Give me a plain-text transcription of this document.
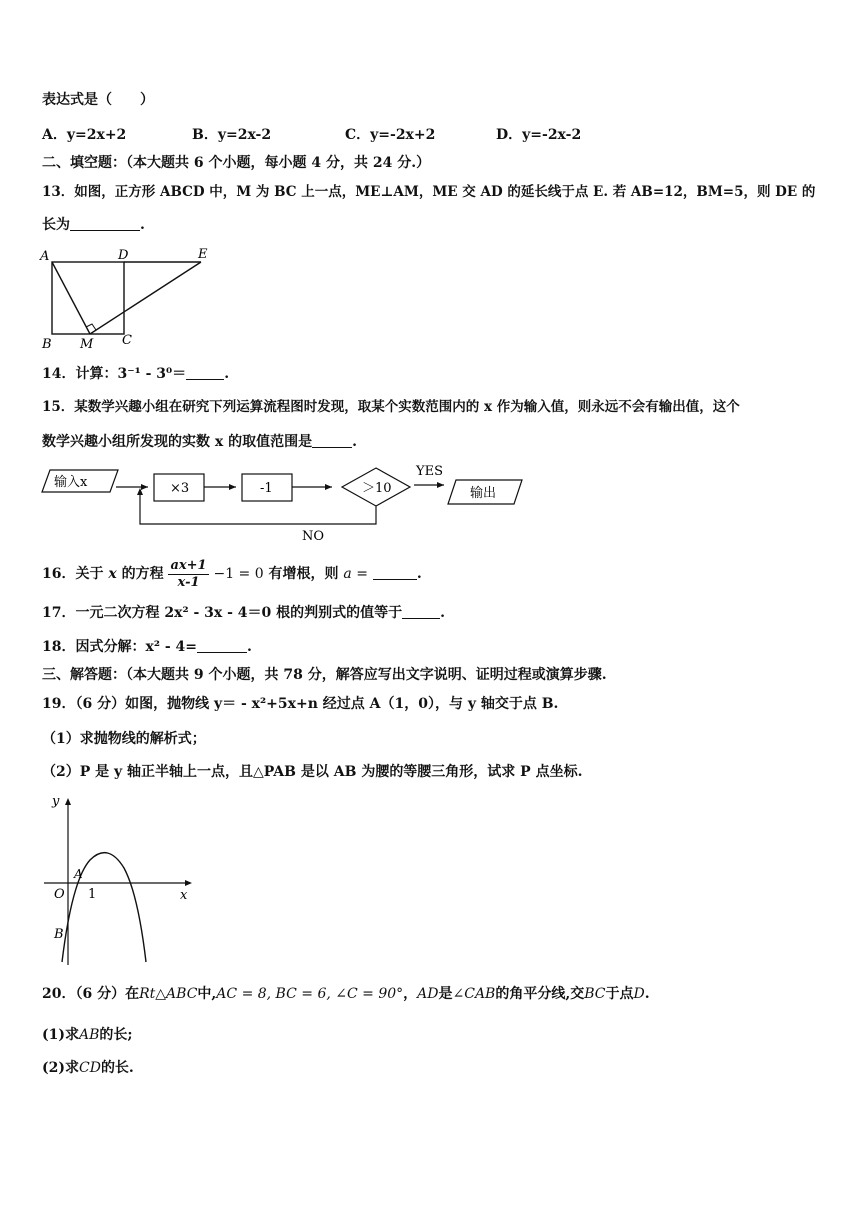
表达式是（　　）
A．y=2x+2	B．y=2x-2	C．y=-2x+2	D．y=-2x-2
二、填空题：（本大题共 6 个小题，每小题 4 分，共 24 分.）
13．如图，正方形 ABCD 中，M 为 BC 上一点，ME⊥AM，ME 交 AD 的延长线于点 E. 若 AB=12，BM=5，则 DE 的
长为	.
A	D	E
B M C
14．计算：3⁻¹ - 3⁰＝	.
15．某数学兴趣小组在研究下列运算流程图时发现，取某个实数范围内的 x 作为输入值，则永远不会有输出值，这个
数学兴趣小组所发现的实数 x 的取值范围是	.
输入x	×3	-1	＞10
YES
输出
NO
16．关于 x 的方程 $\frac{ax+1}{x-1} -1 = 0$ 有增根，则 a =	.
17．一元二次方程 2x² - 3x - 4＝0 根的判别式的值等于	.
18．因式分解：x² - 4=	.
三、解答题：（本大题共 9 个小题，共 78 分，解答应写出文字说明、证明过程或演算步骤.
19．（6 分）如图，抛物线 y＝ - x²+5x+n 经过点 A（1，0），与 y 轴交于点 B.
（1）求抛物线的解析式；
（2）P 是 y 轴正半轴上一点，且△PAB 是以 AB 为腰的等腰三角形，试求 P 点坐标.
y
x
O
A
1
B
20．（6 分）在Rt△ABC中,AC = 8, BC = 6, ∠C = 90°，AD是∠CAB的角平分线,交BC于点D.
(1)求AB的长;
(2)求CD的长.
